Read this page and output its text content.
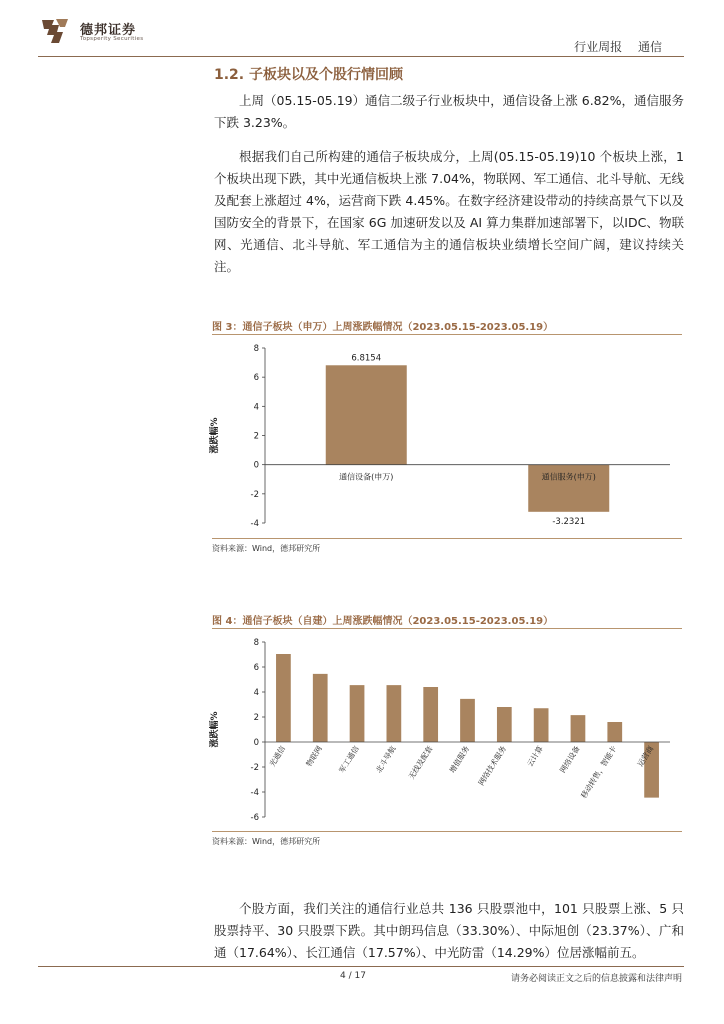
德邦证券
Topsperity Securities
行业周报 通信
1.2. 子板块以及个股行情回顾
上周（05.15-05.19）通信二级子行业板块中，通信设备上涨 6.82%，通信服务下跌 3.23%。
根据我们自己所构建的通信子板块成分，上周(05.15-05.19)10 个板块上涨，1 个板块出现下跌，其中光通信板块上涨 7.04%，物联网、军工通信、北斗导航、无线及配套上涨超过 4%，运营商下跌 4.45%。在数字经济建设带动的持续高景气下以及国防安全的背景下，在国家 6G 加速研发以及 AI 算力集群加速部署下，以IDC、物联网、光通信、北斗导航、军工通信为主的通信板块业绩增长空间广阔，建议持续关注。
图 3：通信子板块（申万）上周涨跌幅情况（2023.05.15-2023.05.19）
-4
-2
0
2
4
6
8
涨跌幅%
6.8154
通信设备(申万)
-3.2321
通信服务(申万)
资料来源：Wind，德邦研究所
图 4：通信子板块（自建）上周涨跌幅情况（2023.05.15-2023.05.19）
-6
-4
-2
0
2
4
6
8
涨跌幅%
光通信 物联网 军工通信 北斗导航 无线及配套 增值服务 网络技术服务 云计算 网络设备
移动转售，智能卡 运营商
资料来源：Wind，德邦研究所
个股方面，我们关注的通信行业总共 136 只股票池中，101 只股票上涨、5 只股票持平、30 只股票下跌。其中朗玛信息（33.30%）、中际旭创（23.37%）、广和通（17.64%）、长江通信（17.57%）、中光防雷（14.29%）位居涨幅前五。
4 / 17	请务必阅读正文之后的信息披露和法律声明
